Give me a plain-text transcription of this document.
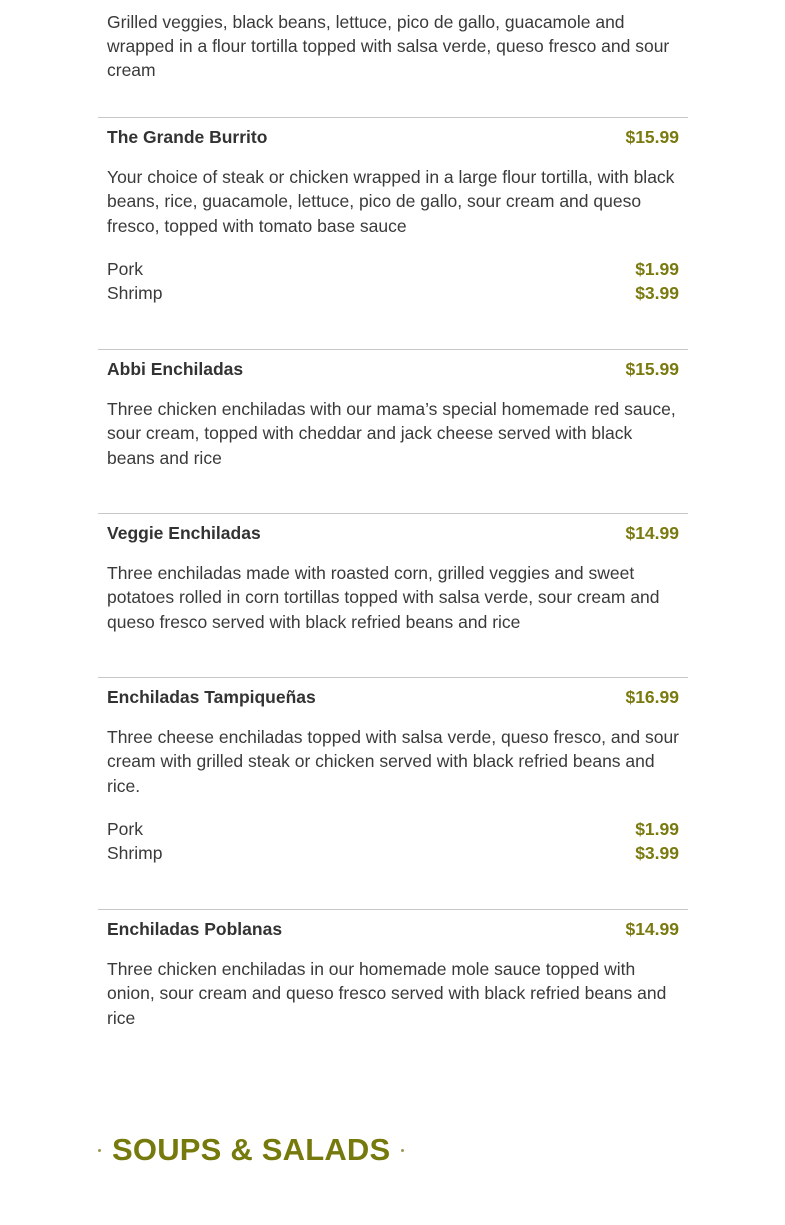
Grilled veggies, black beans, lettuce, pico de gallo, guacamole and wrapped in a flour tortilla topped with salsa verde, queso fresco and sour cream
The Grande Burrito	$15.99
Your choice of steak or chicken wrapped in a large flour tortilla, with black beans, rice, guacamole, lettuce, pico de gallo, sour cream and queso fresco, topped with tomato base sauce
Pork	$1.99
Shrimp	$3.99
Abbi Enchiladas	$15.99
Three chicken enchiladas with our mama’s special homemade red sauce, sour cream, topped with cheddar and jack cheese served with black beans and rice
Veggie Enchiladas	$14.99
Three enchiladas made with roasted corn, grilled veggies and sweet potatoes rolled in corn tortillas topped with salsa verde, sour cream and queso fresco served with black refried beans and rice
Enchiladas Tampiqueñas	$16.99
Three cheese enchiladas topped with salsa verde, queso fresco, and sour cream with grilled steak or chicken served with black refried beans and rice.
Pork	$1.99
Shrimp	$3.99
Enchiladas Poblanas	$14.99
Three chicken enchiladas in our homemade mole sauce topped with onion, sour cream and queso fresco served with black refried beans and rice
SOUPS & SALADS
